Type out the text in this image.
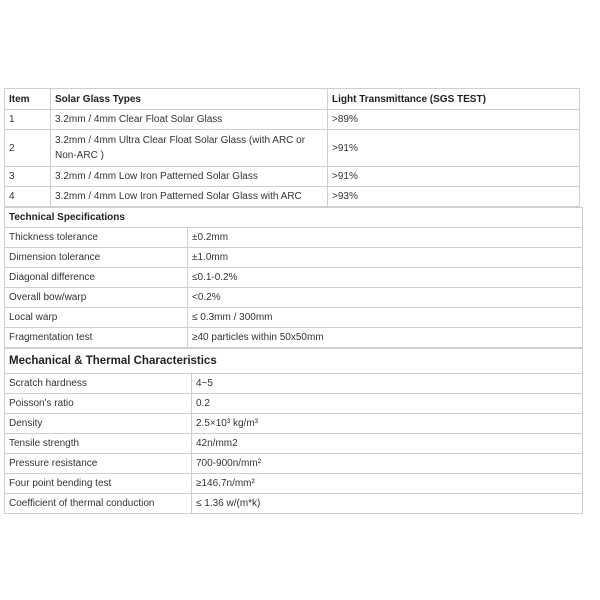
Item	Solar Glass Types	Light Transmittance (SGS TEST)
1	3.2mm / 4mm Clear Float Solar Glass	>89%
2	3.2mm / 4mm Ultra Clear Float Solar Glass (with ARC or Non-ARC )	>91%
3	3.2mm / 4mm Low Iron Patterned Solar Glass	>91%
4	3.2mm / 4mm Low Iron Patterned Solar Glass with ARC	>93%
Technical Specifications	
Thickness tolerance	±0.2mm
Dimension tolerance	±1.0mm
Diagonal difference	≤0.1-0.2%
Overall bow/warp	<0.2%
Local warp	≤ 0.3mm / 300mm
Fragmentation test	≥40 particles within 50x50mm
Mechanical & Thermal Characteristics	
Scratch hardness	4~5
Poisson's ratio	0.2
Density	2.5×10³ kg/m³
Tensile strength	42n/mm2
Pressure resistance	700-900n/mm²
Four point bending test	≥146.7n/mm²
Coefficient of thermal conduction	≤ 1.36 w/(m*k)
